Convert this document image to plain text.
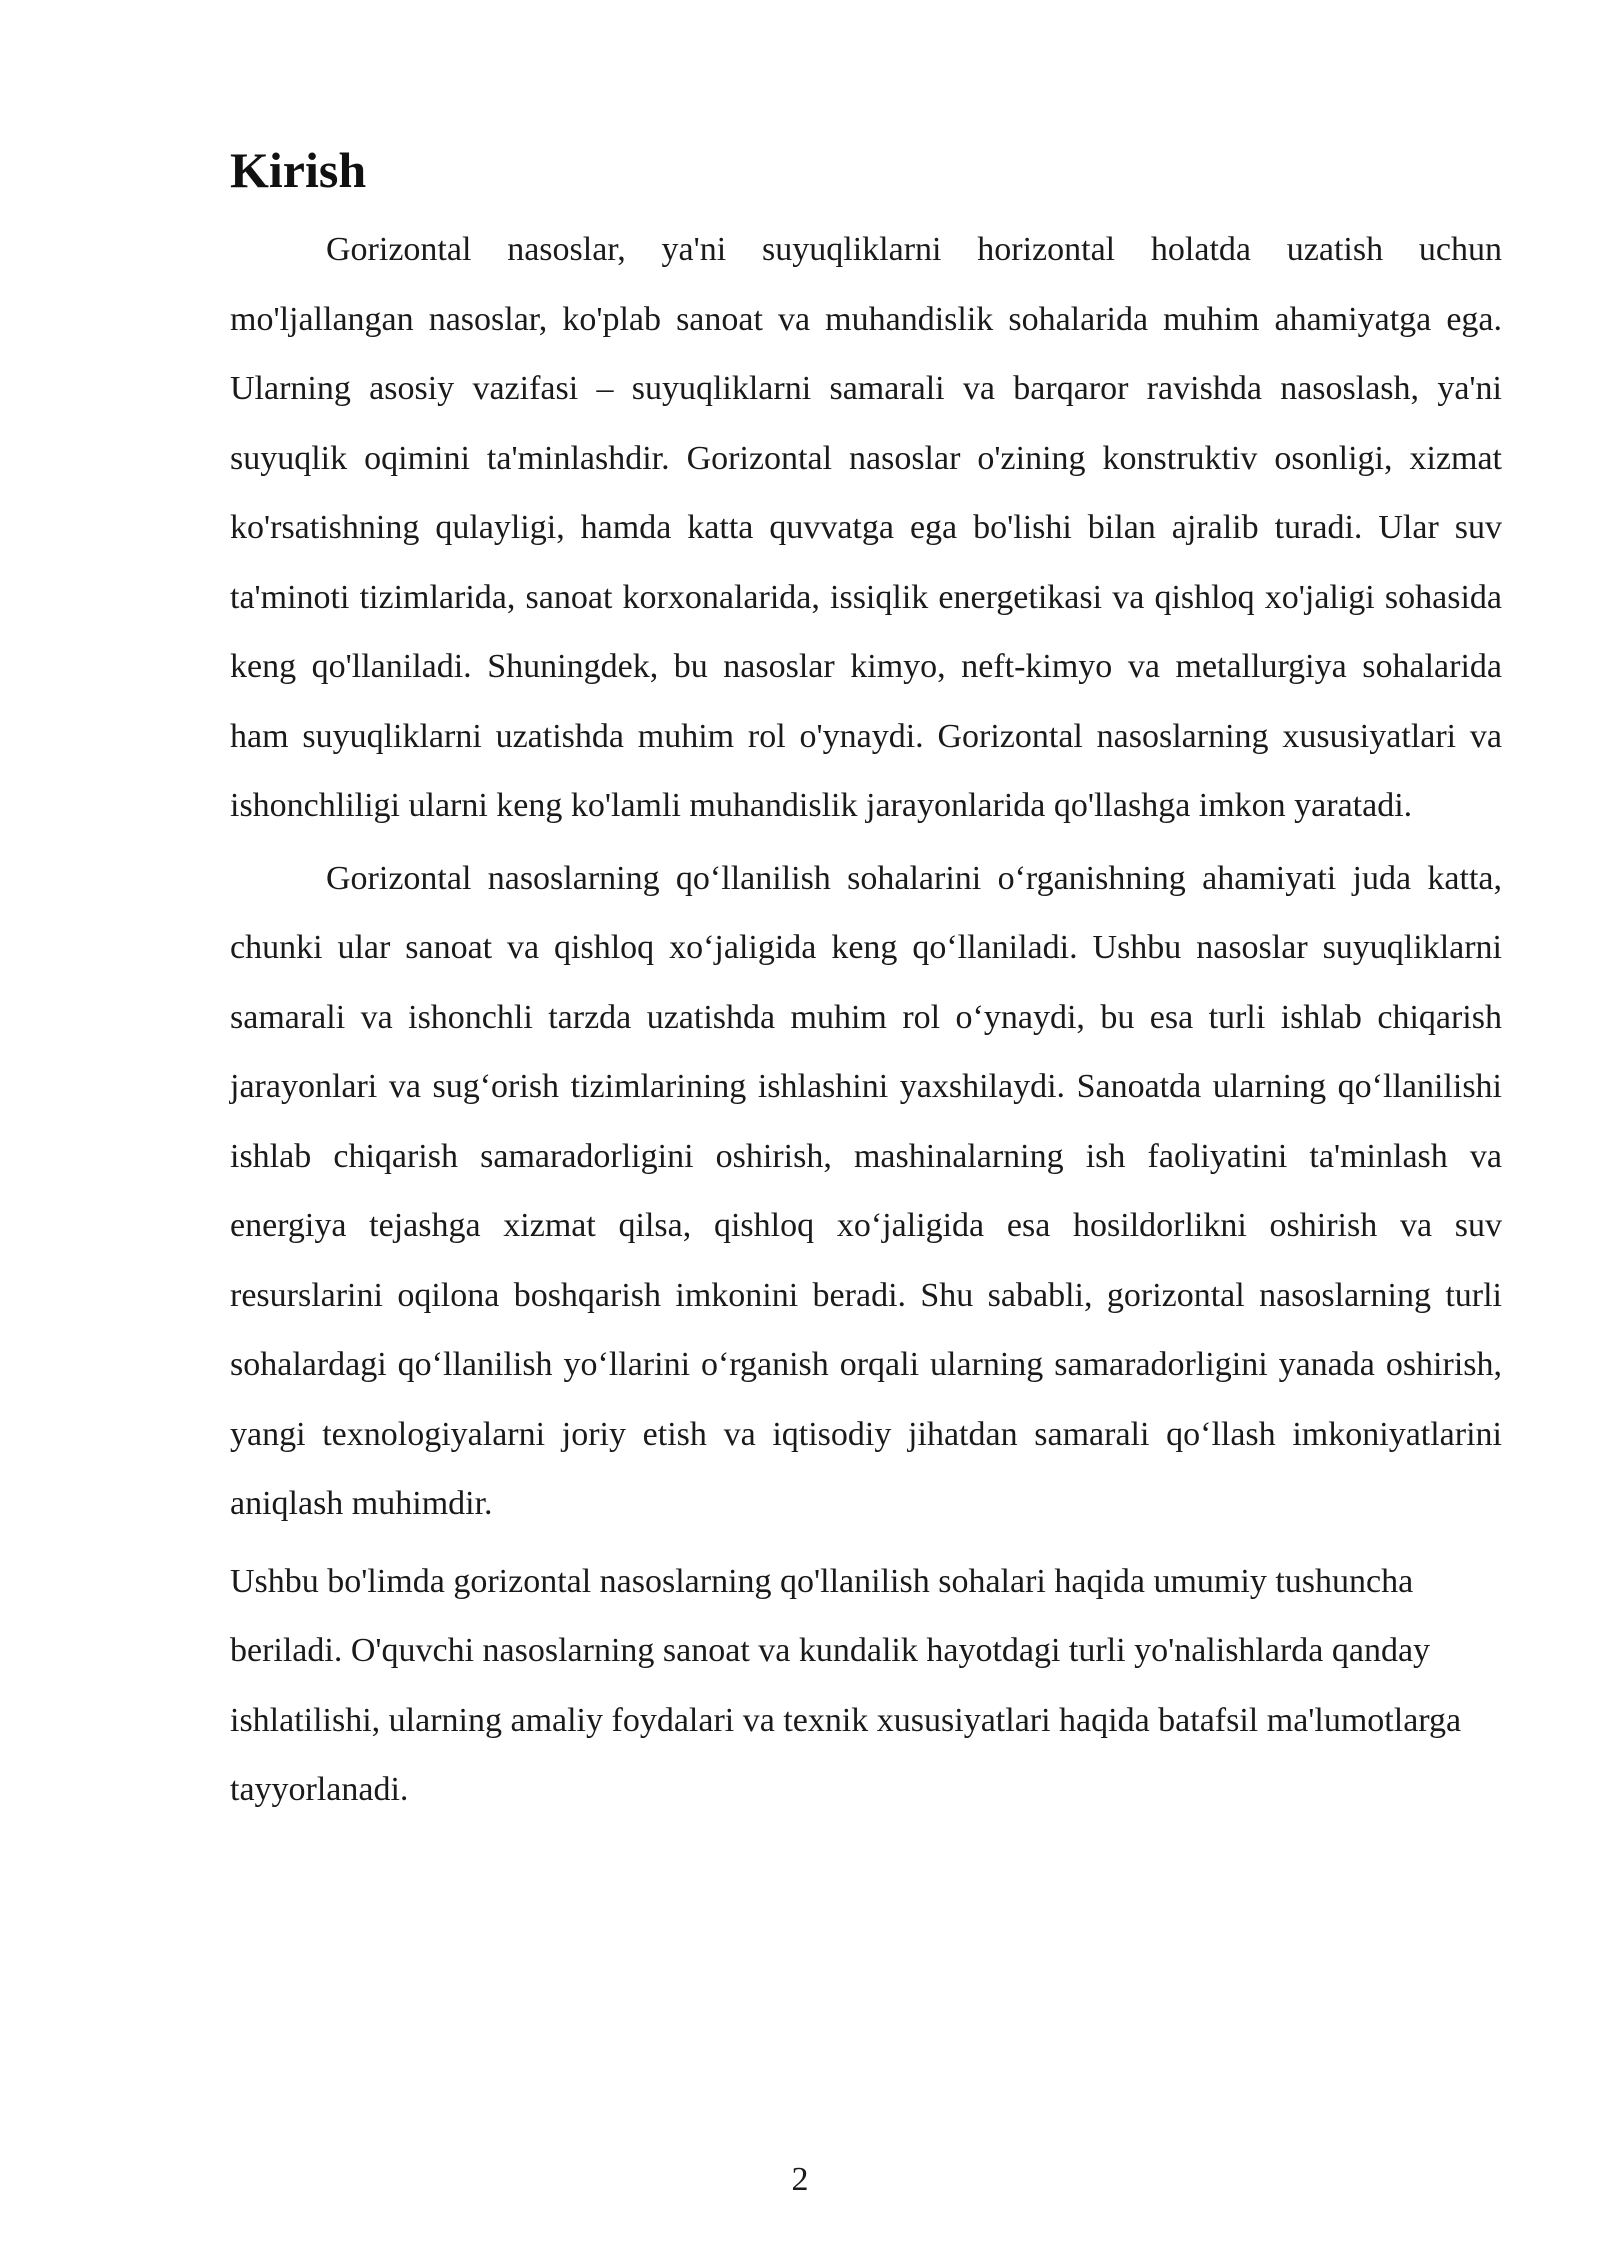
Kirish

Gorizontal nasoslar, ya'ni suyuqliklarni horizontal holatda uzatish uchun mo'ljallangan nasoslar, ko'plab sanoat va muhandislik sohalarida muhim ahamiyatga ega. Ularning asosiy vazifasi – suyuqliklarni samarali va barqaror ravishda nasoslash, ya'ni suyuqlik oqimini ta'minlashdir. Gorizontal nasoslar o'zining konstruktiv osonligi, xizmat ko'rsatishning qulayligi, hamda katta quvvatga ega bo'lishi bilan ajralib turadi. Ular suv ta'minoti tizimlarida, sanoat korxonalarida, issiqlik energetikasi va qishloq xo'jaligi sohasida keng qo'llaniladi. Shuningdek, bu nasoslar kimyo, neft-kimyo va metallurgiya sohalarida ham suyuqliklarni uzatishda muhim rol o'ynaydi. Gorizontal nasoslarning xususiyatlari va ishonchliligi ularni keng ko'lamli muhandislik jarayonlarida qo'llashga imkon yaratadi.

Gorizontal nasoslarning qo‘llanilish sohalarini o‘rganishning ahamiyati juda katta, chunki ular sanoat va qishloq xo‘jaligida keng qo‘llaniladi. Ushbu nasoslar suyuqliklarni samarali va ishonchli tarzda uzatishda muhim rol o‘ynaydi, bu esa turli ishlab chiqarish jarayonlari va sug‘orish tizimlarining ishlashini yaxshilaydi. Sanoatda ularning qo‘llanilishi ishlab chiqarish samaradorligini oshirish, mashinalarning ish faoliyatini ta'minlash va energiya tejashga xizmat qilsa, qishloq xo‘jaligida esa hosildorlikni oshirish va suv resurslarini oqilona boshqarish imkonini beradi. Shu sababli, gorizontal nasoslarning turli sohalardagi qo‘llanilish yo‘llarini o‘rganish orqali ularning samaradorligini yanada oshirish, yangi texnologiyalarni joriy etish va iqtisodiy jihatdan samarali qo‘llash imkoniyatlarini aniqlash muhimdir.

Ushbu bo'limda gorizontal nasoslarning qo'llanilish sohalari haqida umumiy tushuncha beriladi. O'quvchi nasoslarning sanoat va kundalik hayotdagi turli yo'nalishlarda qanday ishlatilishi, ularning amaliy foydalari va texnik xususiyatlari haqida batafsil ma'lumotlarga tayyorlanadi.

2
